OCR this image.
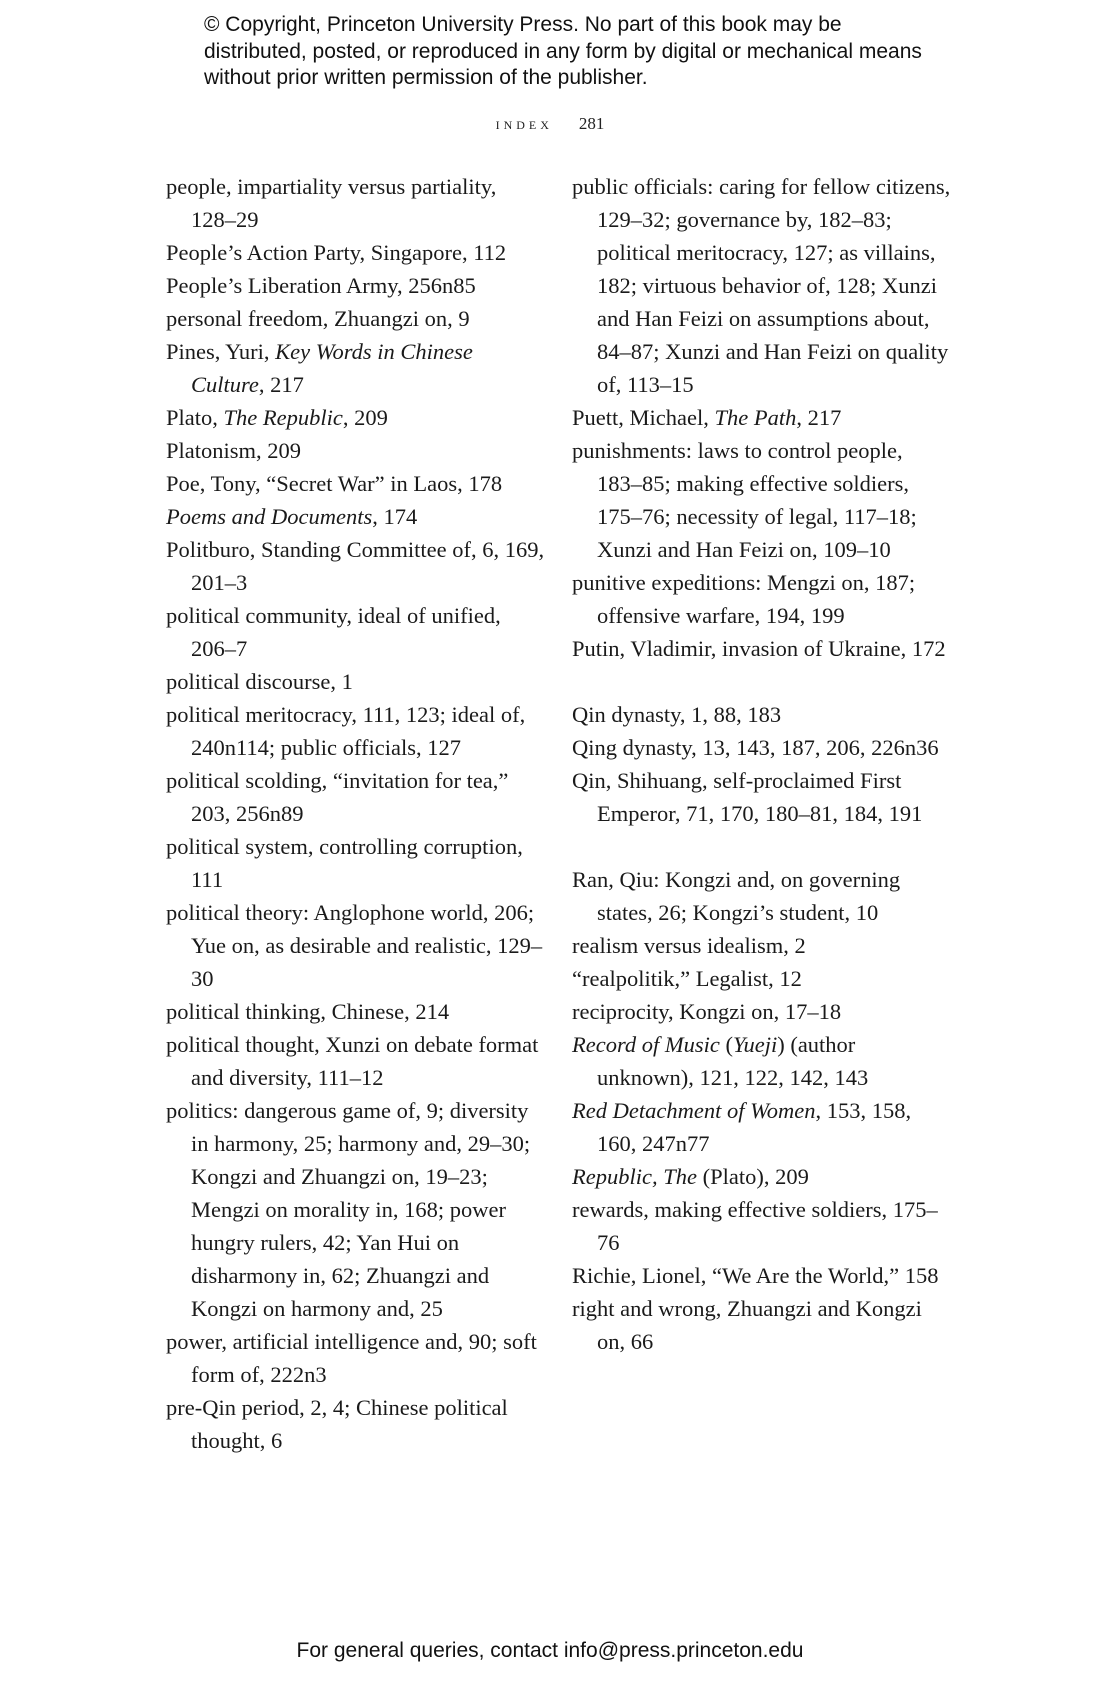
© Copyright, Princeton University Press. No part of this book may be distributed, posted, or reproduced in any form by digital or mechanical means without prior written permission of the publisher.
index 281
people, impartiality versus partiality, 128–29
People’s Action Party, Singapore, 112
People’s Liberation Army, 256n85
personal freedom, Zhuangzi on, 9
Pines, Yuri, Key Words in Chinese Culture, 217
Plato, The Republic, 209
Platonism, 209
Poe, Tony, “Secret War” in Laos, 178
Poems and Documents, 174
Politburo, Standing Committee of, 6, 169, 201–3
political community, ideal of unified, 206–7
political discourse, 1
political meritocracy, 111, 123; ideal of, 240n114; public officials, 127
political scolding, “invitation for tea,” 203, 256n89
political system, controlling corruption, 111
political theory: Anglophone world, 206; Yue on, as desirable and realistic, 129–30
political thinking, Chinese, 214
political thought, Xunzi on debate format and diversity, 111–12
politics: dangerous game of, 9; diversity in harmony, 25; harmony and, 29–30; Kongzi and Zhuangzi on, 19–23; Mengzi on morality in, 168; power hungry rulers, 42; Yan Hui on disharmony in, 62; Zhuangzi and Kongzi on harmony and, 25
power, artificial intelligence and, 90; soft form of, 222n3
pre-Qin period, 2, 4; Chinese political thought, 6
public officials: caring for fellow citizens, 129–32; governance by, 182–83; political meritocracy, 127; as villains, 182; virtuous behavior of, 128; Xunzi and Han Feizi on assumptions about, 84–87; Xunzi and Han Feizi on quality of, 113–15
Puett, Michael, The Path, 217
punishments: laws to control people, 183–85; making effective soldiers, 175–76; necessity of legal, 117–18; Xunzi and Han Feizi on, 109–10
punitive expeditions: Mengzi on, 187; offensive warfare, 194, 199
Putin, Vladimir, invasion of Ukraine, 172
Qin dynasty, 1, 88, 183
Qing dynasty, 13, 143, 187, 206, 226n36
Qin, Shihuang, self-proclaimed First Emperor, 71, 170, 180–81, 184, 191
Ran, Qiu: Kongzi and, on governing states, 26; Kongzi’s student, 10
realism versus idealism, 2
“realpolitik,” Legalist, 12
reciprocity, Kongzi on, 17–18
Record of Music (Yueji) (author unknown), 121, 122, 142, 143
Red Detachment of Women, 153, 158, 160, 247n77
Republic, The (Plato), 209
rewards, making effective soldiers, 175–76
Richie, Lionel, “We Are the World,” 158
right and wrong, Zhuangzi and Kongzi on, 66
For general queries, contact info@press.princeton.edu
